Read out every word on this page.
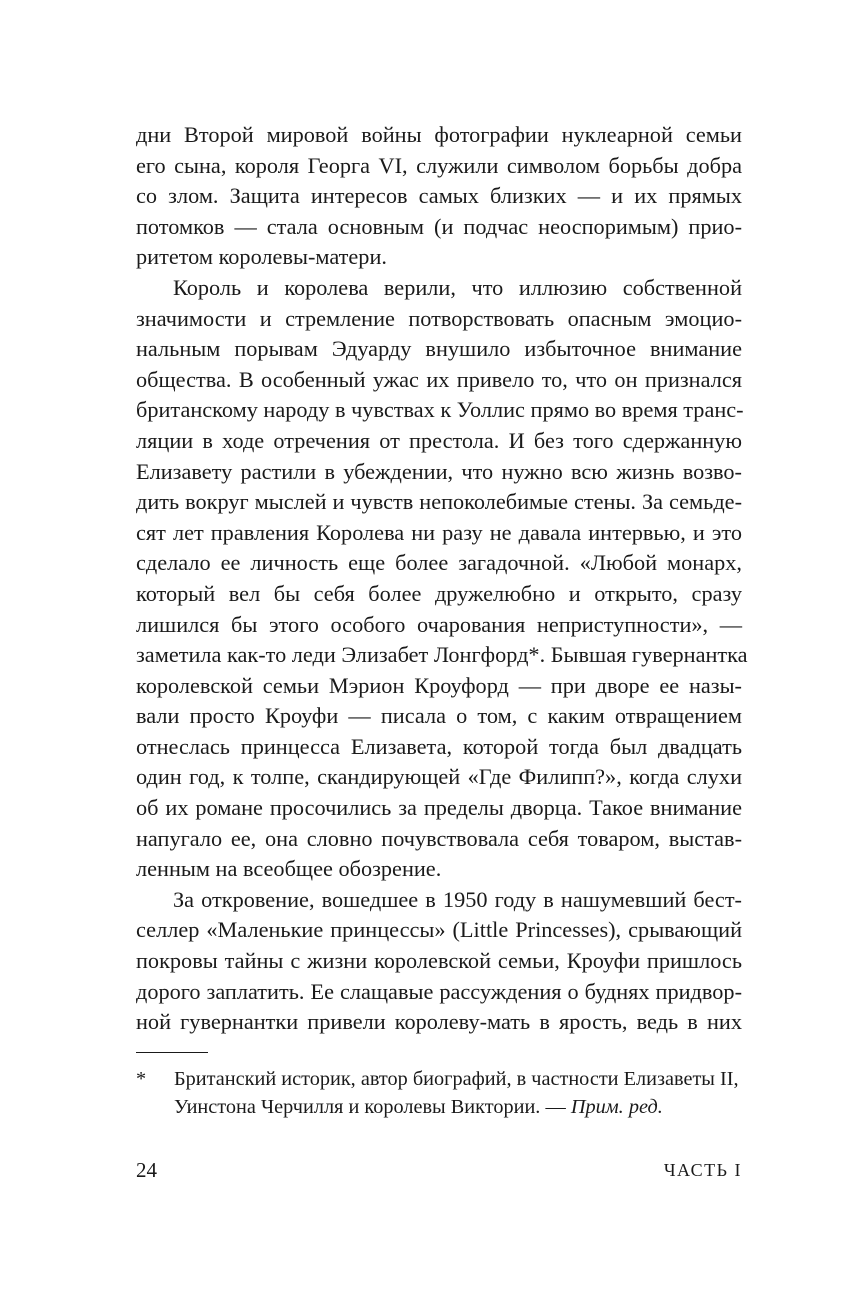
дни Второй мировой войны фотографии нуклеарной семьи
его сына, короля Георга VI, служили символом борьбы добра
со злом. Защита интересов самых близких — и их прямых
потомков — стала основным (и подчас неоспоримым) прио-
ритетом королевы-матери.
Король и королева верили, что иллюзию собственной
значимости и стремление потворствовать опасным эмоцио-
нальным порывам Эдуарду внушило избыточное внимание
общества. В особенный ужас их привело то, что он признался
британскому народу в чувствах к Уоллис прямо во время транс-
ляции в ходе отречения от престола. И без того сдержанную
Елизавету растили в убеждении, что нужно всю жизнь возво-
дить вокруг мыслей и чувств непоколебимые стены. За семьде-
сят лет правления Королева ни разу не давала интервью, и это
сделало ее личность еще более загадочной. «Любой монарх,
который вел бы себя более дружелюбно и открыто, сразу
лишился бы этого особого очарования неприступности», —
заметила как-то леди Элизабет Лонгфорд*. Бывшая гувернантка
королевской семьи Мэрион Кроуфорд — при дворе ее назы-
вали просто Кроуфи — писала о том, с каким отвращением
отнеслась принцесса Елизавета, которой тогда был двадцать
один год, к толпе, скандирующей «Где Филипп?», когда слухи
об их романе просочились за пределы дворца. Такое внимание
напугало ее, она словно почувствовала себя товаром, выстав-
ленным на всеобщее обозрение.
За откровение, вошедшее в 1950 году в нашумевший бест-
селлер «Маленькие принцессы» (Little Princesses), срывающий
покровы тайны с жизни королевской семьи, Кроуфи пришлось
дорого заплатить. Ее слащавые рассуждения о буднях придвор-
ной гувернантки привели королеву-мать в ярость, ведь в них
* Британский историк, автор биографий, в частности Елизаветы II,
Уинстона Черчилля и королевы Виктории. — Прим. ред.
24	ЧАСТЬ I
